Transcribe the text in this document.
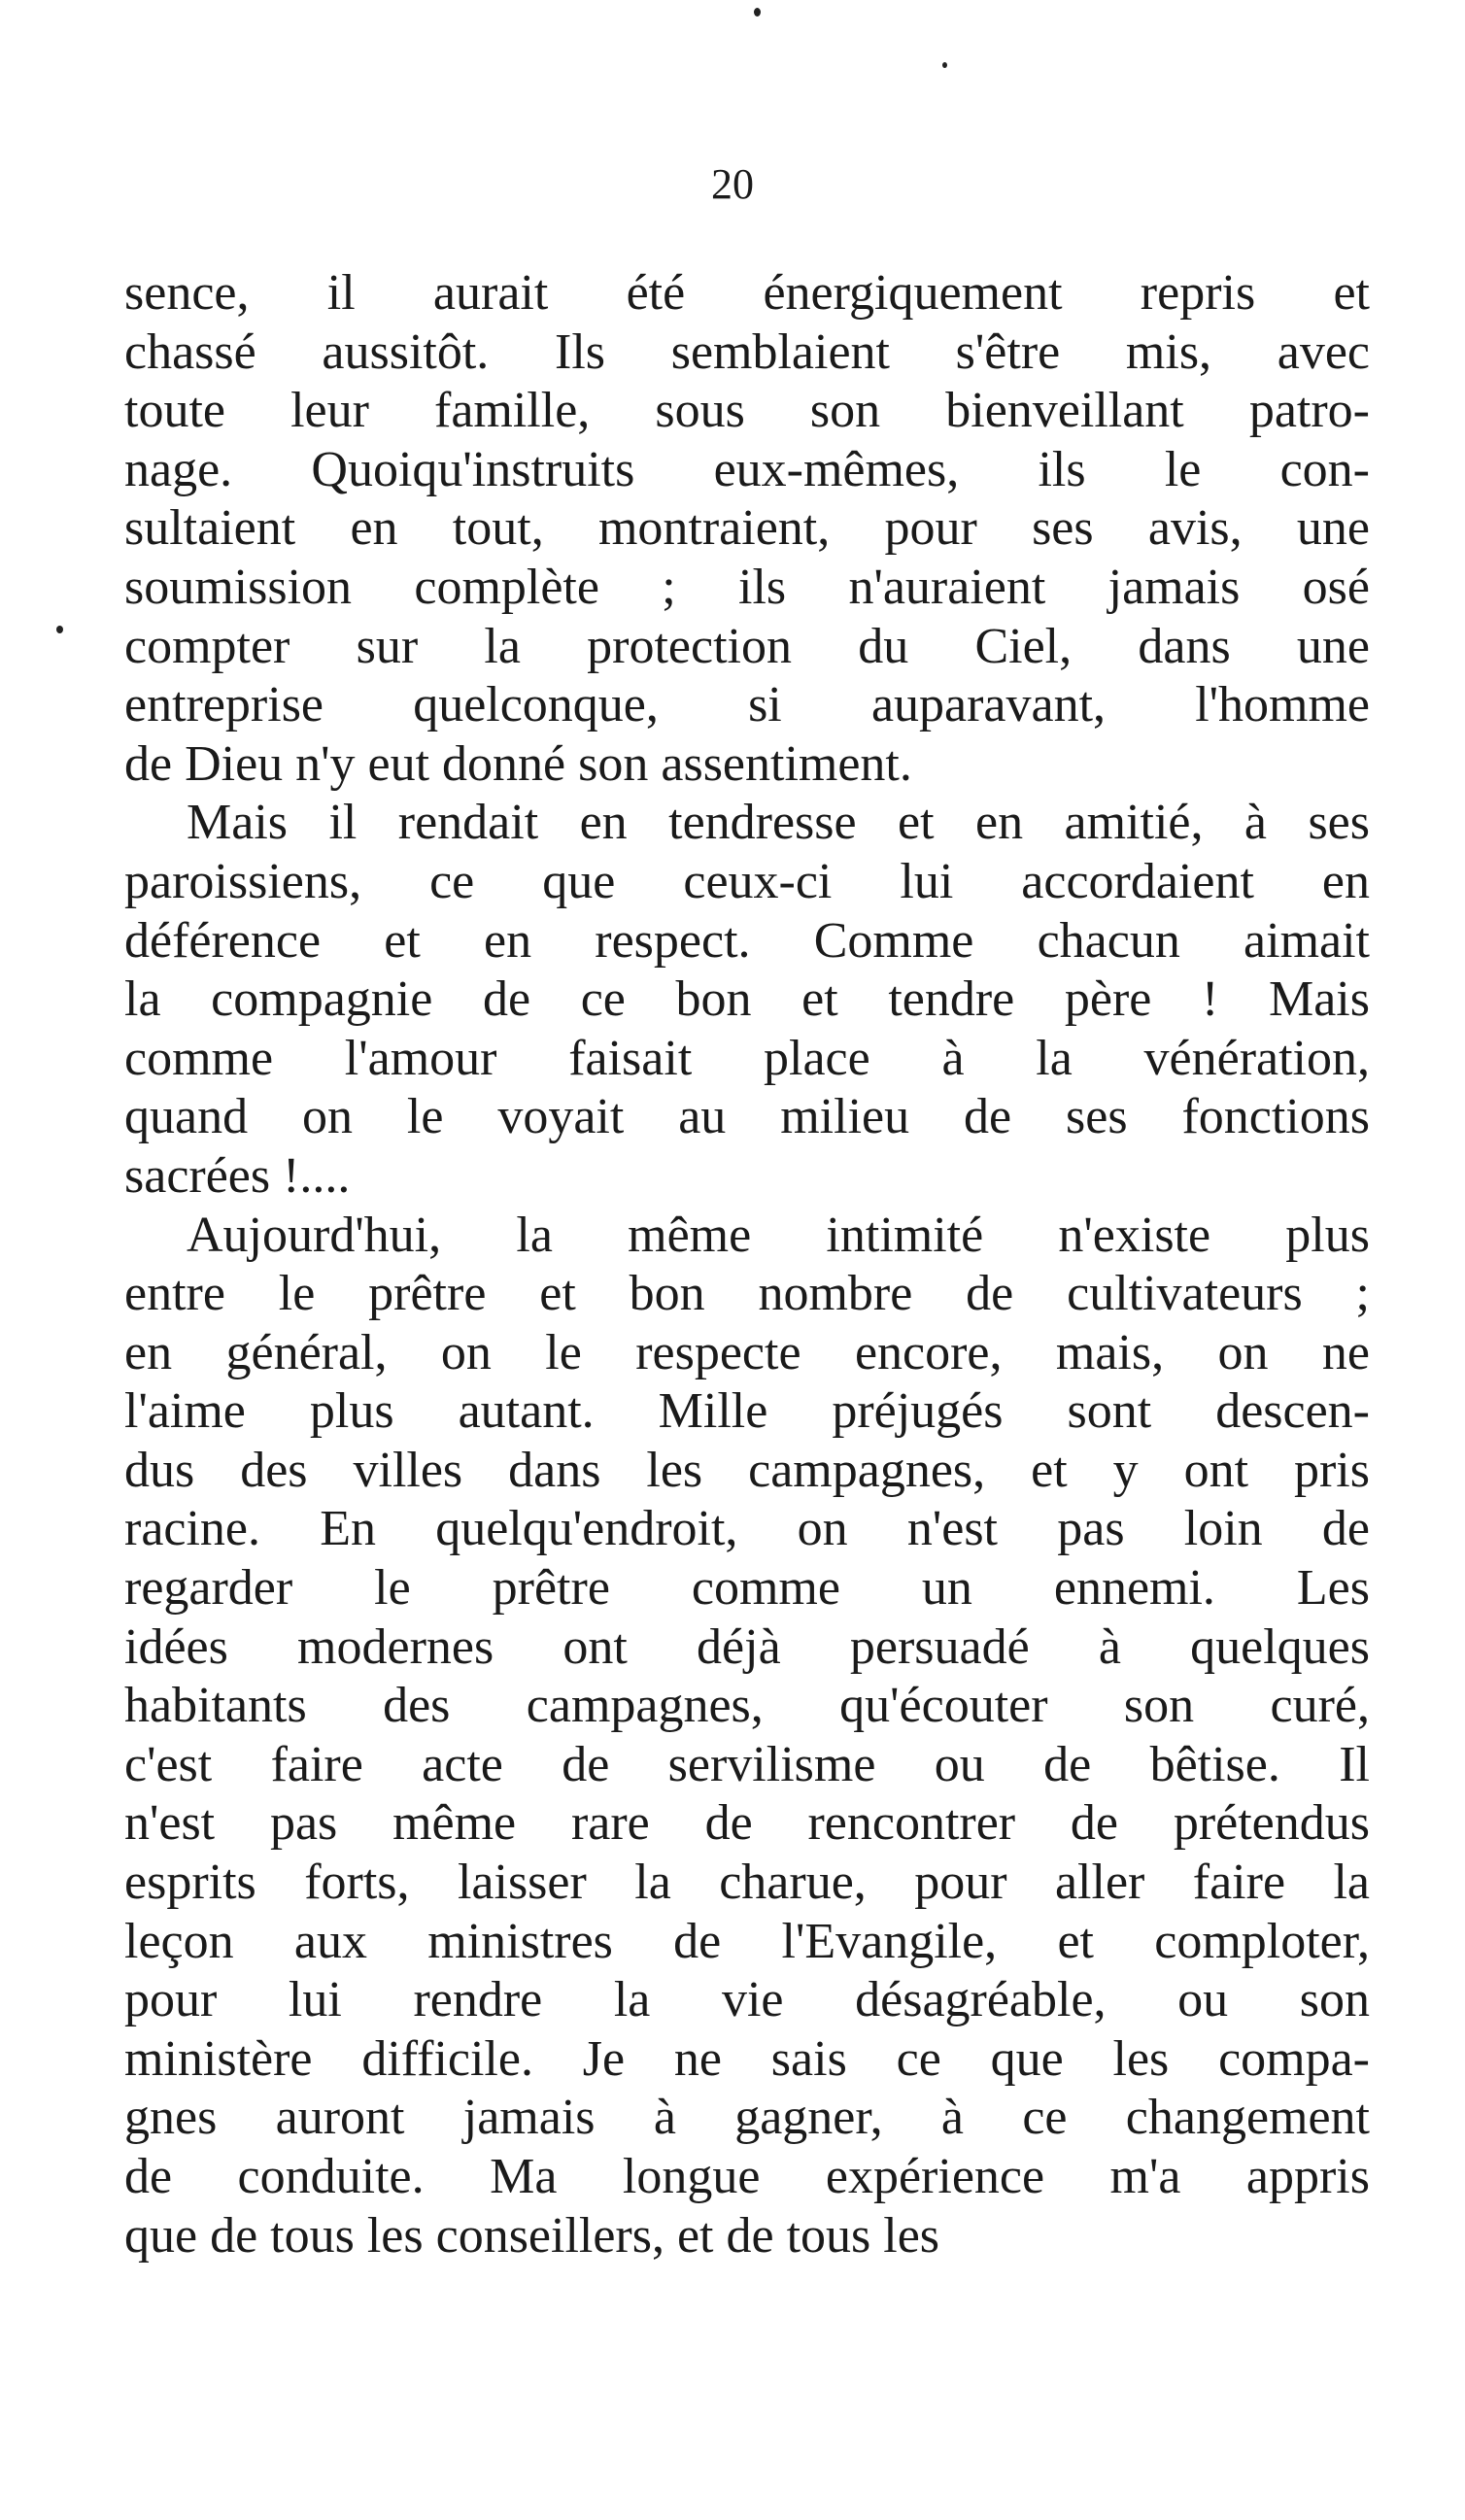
20
sence, il aurait été énergiquement repris et
chassé aussitôt. Ils semblaient s'être mis, avec
toute leur famille, sous son bienveillant patro-
nage. Quoiqu'instruits eux-mêmes, ils le con-
sultaient en tout, montraient, pour ses avis, une
soumission complète ; ils n'auraient jamais osé
compter sur la protection du Ciel, dans une
entreprise quelconque, si auparavant, l'homme
de Dieu n'y eut donné son assentiment.
Mais il rendait en tendresse et en amitié, à ses
paroissiens, ce que ceux-ci lui accordaient en
déférence et en respect. Comme chacun aimait
la compagnie de ce bon et tendre père ! Mais
comme l'amour faisait place à la vénération,
quand on le voyait au milieu de ses fonctions
sacrées !....
Aujourd'hui, la même intimité n'existe plus
entre le prêtre et bon nombre de cultivateurs ;
en général, on le respecte encore, mais, on ne
l'aime plus autant. Mille préjugés sont descen-
dus des villes dans les campagnes, et y ont pris
racine. En quelqu'endroit, on n'est pas loin de
regarder le prêtre comme un ennemi. Les
idées modernes ont déjà persuadé à quelques
habitants des campagnes, qu'écouter son curé,
c'est faire acte de servilisme ou de bêtise. Il
n'est pas même rare de rencontrer de prétendus
esprits forts, laisser la charue, pour aller faire la
leçon aux ministres de l'Evangile, et comploter,
pour lui rendre la vie désagréable, ou son
ministère difficile. Je ne sais ce que les compa-
gnes auront jamais à gagner, à ce changement
de conduite. Ma longue expérience m'a appris
que de tous les conseillers, et de tous les
